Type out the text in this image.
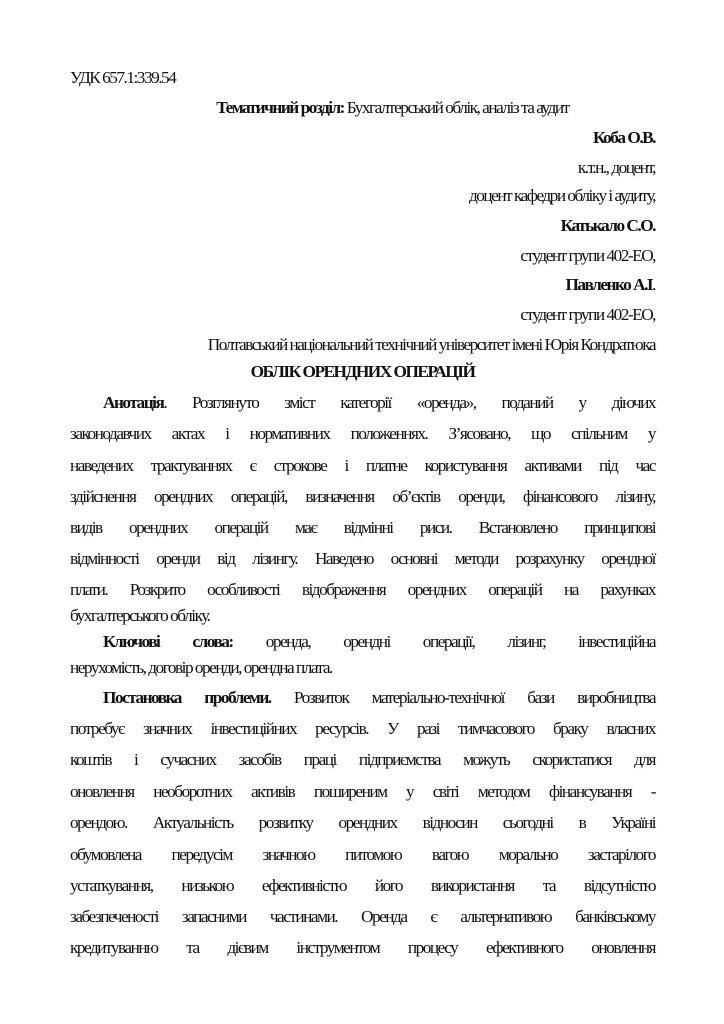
УДК 657.1:339.54
Тематичний розділ: Бухгалтерський облік, аналіз та аудит
Коба О.В.
к.т.н., доцент,
доцент кафедри обліку і аудиту,
Катькало С.О.
студент групи 402-ЕО,
Павленко А.І.
студент групи 402-ЕО,
Полтавський національний технічний університет імені Юрія Кондратюка
ОБЛІК ОРЕНДНИХ ОПЕРАЦІЙ
Анотація. Розглянуто зміст категорії «оренда», поданий у діючих
законодавчих актах і нормативних положеннях. З’ясовано, що спільним у
наведених трактуваннях є строкове і платне користування активами під час
здійснення орендних операцій, визначення об’єктів оренди, фінансового лізину,
видів орендних операцій має відмінні риси. Встановлено принципові
відмінності оренди від лізингу. Наведено основні методи розрахунку орендної
плати. Розкрито особливості відображення орендних операцій на рахунках
бухгалтерського обліку.
Ключові слова: оренда, орендні операції, лізинг, інвестиційна
нерухомість, договір оренди, орендна плата.
Постановка проблеми. Розвиток матеріально-технічної бази виробництва
потребує значних інвестиційних ресурсів. У разі тимчасового браку власних
коштів і сучасних засобів праці підприємства можуть скористатися для
оновлення необоротних активів поширеним у світі методом фінансування -
орендою. Актуальність розвитку орендних відносин сьогодні в Україні
обумовлена передусім значною питомою вагою морально застарілого
устаткування, низькою ефективністю його використання та відсутністю
забезпеченості запасними частинами. Оренда є альтернативою банківському
кредитуванню та дієвим інструментом процесу ефективного оновлення
